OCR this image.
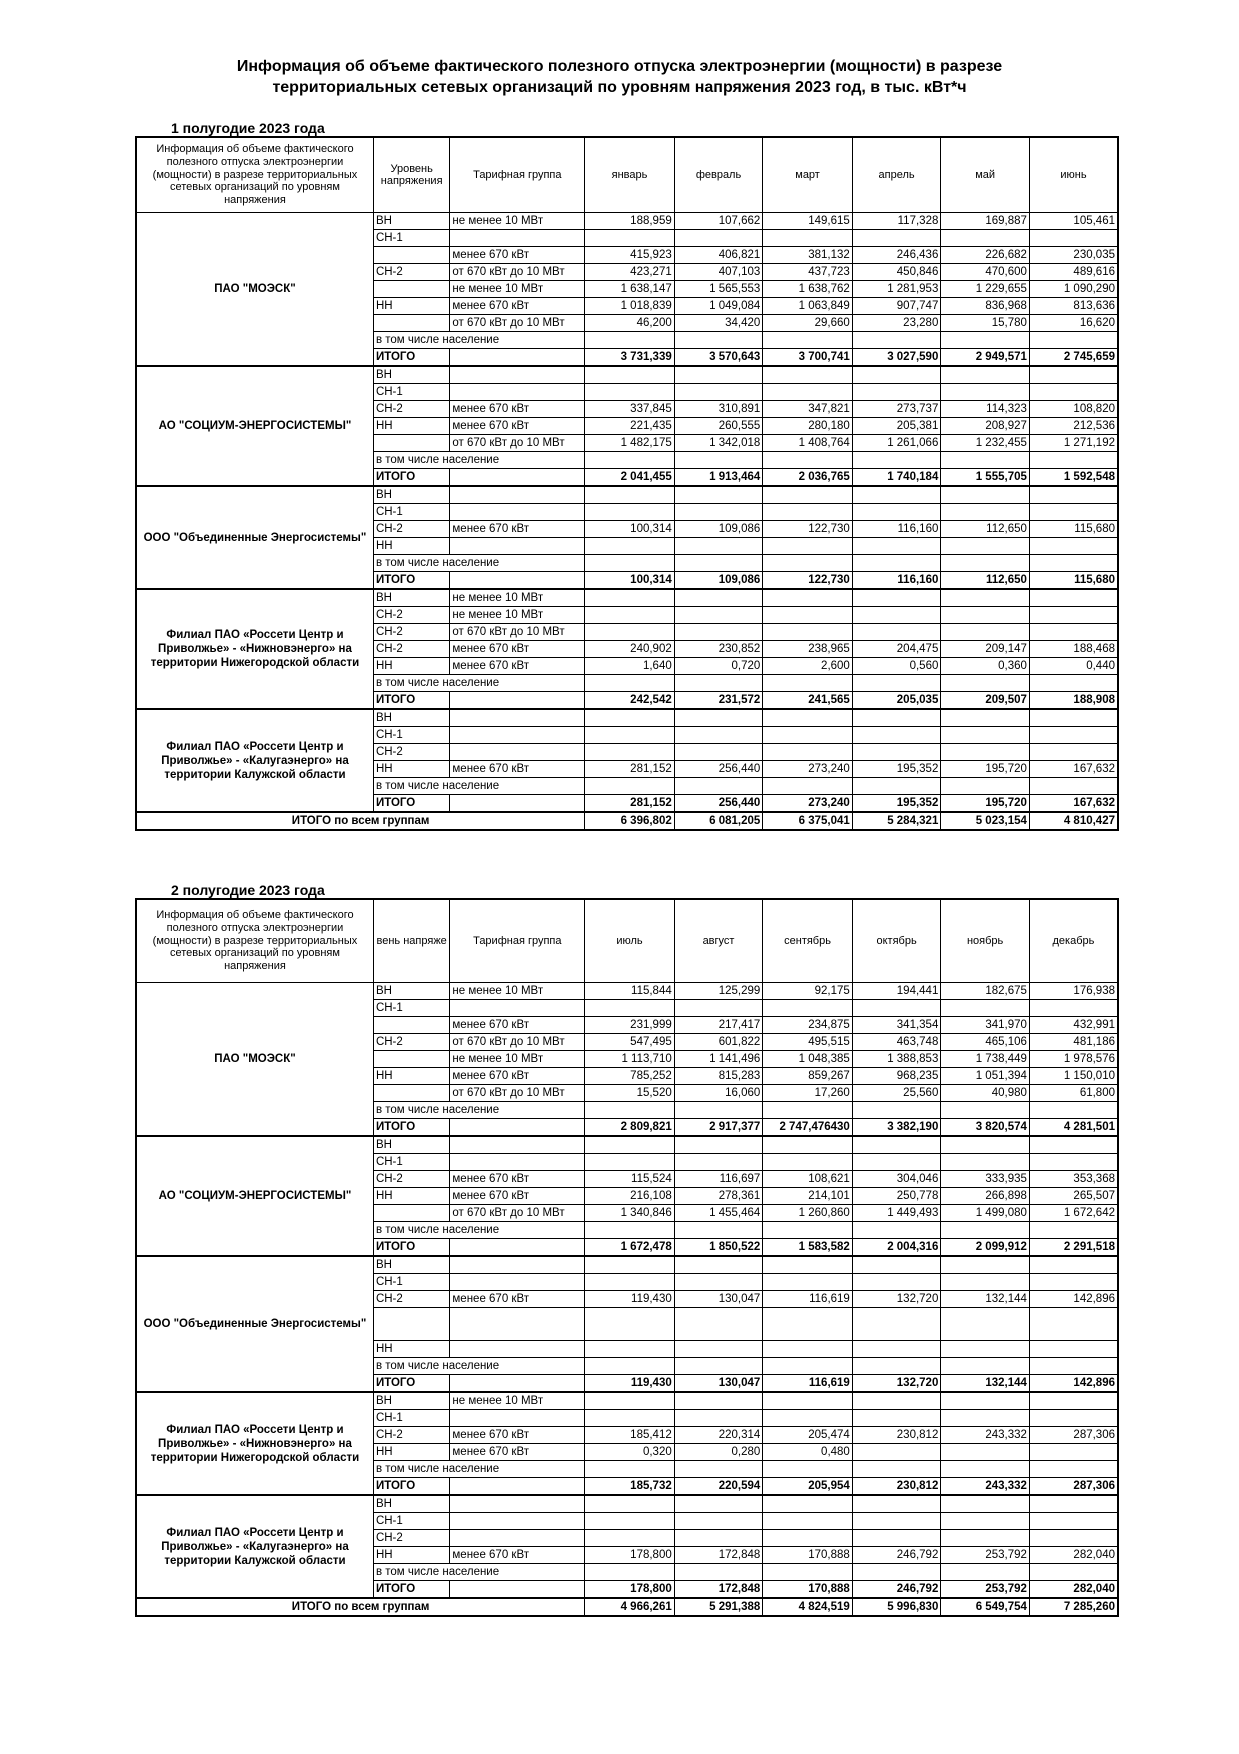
Информация об объеме фактического полезного отпуска электроэнергии (мощности) в разрезе
территориальных сетевых организаций по уровням напряжения 2023 год, в тыс. кВт*ч
1 полугодие 2023 года
Информация об объеме фактического полезного отпуска электроэнергии (мощности) в разрезе территориальных сетевых организаций по уровням напряжения	Уровень напряжения	Тарифная группа	январь	февраль	март	апрель	май	июнь
ПАО "МОЭСК"	ВН	не менее 10 МВт	188,959	107,662	149,615	117,328	169,887	105,461
	СН-1							
		менее 670 кВт	415,923	406,821	381,132	246,436	226,682	230,035
	СН-2	от 670 кВт до 10 МВт	423,271	407,103	437,723	450,846	470,600	489,616
		не менее 10 МВт	1 638,147	1 565,553	1 638,762	1 281,953	1 229,655	1 090,290
	НН	менее 670 кВт	1 018,839	1 049,084	1 063,849	907,747	836,968	813,636
		от 670 кВт до 10 МВт	46,200	34,420	29,660	23,280	15,780	16,620
	в том числе население							
	ИТОГО		3 731,339	3 570,643	3 700,741	3 027,590	2 949,571	2 745,659
АО "СОЦИУМ-ЭНЕРГОСИСТЕМЫ"	ВН							
	СН-1							
	СН-2	менее 670 кВт	337,845	310,891	347,821	273,737	114,323	108,820
	НН	менее 670 кВт	221,435	260,555	280,180	205,381	208,927	212,536
		от 670 кВт до 10 МВт	1 482,175	1 342,018	1 408,764	1 261,066	1 232,455	1 271,192
	в том числе население							
	ИТОГО		2 041,455	1 913,464	2 036,765	1 740,184	1 555,705	1 592,548
ООО "Объединенные Энергосистемы"	ВН							
	СН-1							
	СН-2	менее 670 кВт	100,314	109,086	122,730	116,160	112,650	115,680
	НН							
	в том числе население							
	ИТОГО		100,314	109,086	122,730	116,160	112,650	115,680
Филиал ПАО «Россети Центр и Приволжье» - «Нижновэнерго» на территории Нижегородской области	ВН	не менее 10 МВт						
	СН-2	не менее 10 МВт						
	СН-2	от 670 кВт до 10 МВт						
	СН-2	менее 670 кВт	240,902	230,852	238,965	204,475	209,147	188,468
	НН	менее 670 кВт	1,640	0,720	2,600	0,560	0,360	0,440
	в том числе население							
	ИТОГО		242,542	231,572	241,565	205,035	209,507	188,908
Филиал ПАО «Россети Центр и Приволжье» - «Калугаэнерго» на территории Калужской области	ВН							
	СН-1							
	СН-2							
	НН	менее 670 кВт	281,152	256,440	273,240	195,352	195,720	167,632
	в том числе население							
	ИТОГО		281,152	256,440	273,240	195,352	195,720	167,632
ИТОГО по всем группам			6 396,802	6 081,205	6 375,041	5 284,321	5 023,154	4 810,427
2 полугодие 2023 года
Информация об объеме фактического полезного отпуска электроэнергии (мощности) в разрезе территориальных сетевых организаций по уровням напряжения	вень напряже	Тарифная группа	июль	август	сентябрь	октябрь	ноябрь	декабрь
ПАО "МОЭСК"	ВН	не менее 10 МВт	115,844	125,299	92,175	194,441	182,675	176,938
	СН-1							
		менее 670 кВт	231,999	217,417	234,875	341,354	341,970	432,991
	СН-2	от 670 кВт до 10 МВт	547,495	601,822	495,515	463,748	465,106	481,186
		не менее 10 МВт	1 113,710	1 141,496	1 048,385	1 388,853	1 738,449	1 978,576
	НН	менее 670 кВт	785,252	815,283	859,267	968,235	1 051,394	1 150,010
		от 670 кВт до 10 МВт	15,520	16,060	17,260	25,560	40,980	61,800
	в том числе население							
	ИТОГО		2 809,821	2 917,377	2 747,476430	3 382,190	3 820,574	4 281,501
АО "СОЦИУМ-ЭНЕРГОСИСТЕМЫ"	ВН							
	СН-1							
	СН-2	менее 670 кВт	115,524	116,697	108,621	304,046	333,935	353,368
	НН	менее 670 кВт	216,108	278,361	214,101	250,778	266,898	265,507
		от 670 кВт до 10 МВт	1 340,846	1 455,464	1 260,860	1 449,493	1 499,080	1 672,642
	в том числе население							
	ИТОГО		1 672,478	1 850,522	1 583,582	2 004,316	2 099,912	2 291,518
ООО "Объединенные Энергосистемы"	ВН							
	СН-1							
	СН-2	менее 670 кВт	119,430	130,047	116,619	132,720	132,144	142,896

	НН							
	в том числе население							
	ИТОГО		119,430	130,047	116,619	132,720	132,144	142,896
Филиал ПАО «Россети Центр и Приволжье» - «Нижновэнерго» на территории Нижегородской области	ВН	не менее 10 МВт						
	СН-1							
	СН-2	менее 670 кВт	185,412	220,314	205,474	230,812	243,332	287,306
	НН	менее 670 кВт	0,320	0,280	0,480			
	в том числе население							
	ИТОГО		185,732	220,594	205,954	230,812	243,332	287,306
Филиал ПАО «Россети Центр и Приволжье» - «Калугаэнерго» на территории Калужской области	ВН							
	СН-1							
	СН-2							
	НН	менее 670 кВт	178,800	172,848	170,888	246,792	253,792	282,040
	в том числе население							
	ИТОГО		178,800	172,848	170,888	246,792	253,792	282,040
ИТОГО по всем группам			4 966,261	5 291,388	4 824,519	5 996,830	6 549,754	7 285,260
